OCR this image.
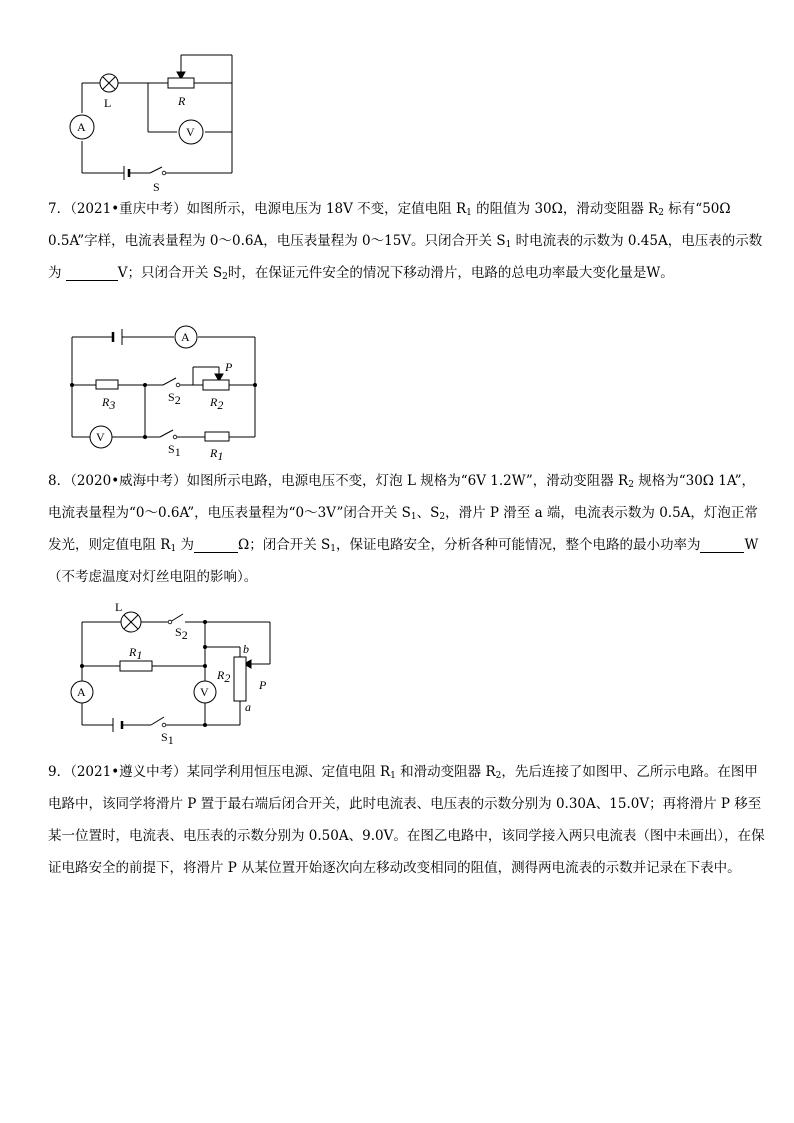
L	R
A	V
S

7．（2021•重庆中考）如图所示，电源电压为 18V 不变，定值电阻 $R_1$ 的阻值为 30Ω，滑动变阻器 $R_2$ 标有“50Ω 0.5A”字样，电流表量程为 0～0.6A，电压表量程为 0～15V。只闭合开关 $S_1$ 时电流表的示数为 0.45A，电压表的示数为	V；只闭合开关 $S_2$时，在保证元件安全的情况下移动滑片，电路的总电功率最大变化量是W。

A
V
P
R3
S2 R2
S1 R1

8．（2020•威海中考）如图所示电路，电源电压不变，灯泡 L 规格为“6V 1.2W”，滑动变阻器 $R_2$ 规格为“30Ω 1A”，电流表量程为“0～0.6A”，电压表量程为“0～3V”闭合开关 $S_1$、$S_2$，滑片 P 滑至 a 端，电流表示数为 0.5A，灯泡正常发光，则定值电阻 $R_1$ 为	Ω；闭合开关 $S_1$，保证电路安全，分析各种可能情况，整个电路的最小功率为	W（不考虑温度对灯丝电阻的影响）。

L
S2
R1
R2
A	V
S1
b
a
P

9．（2021•遵义中考）某同学利用恒压电源、定值电阻 $R_1$ 和滑动变阻器 $R_2$，先后连接了如图甲、乙所示电路。在图甲电路中，该同学将滑片 P 置于最右端后闭合开关，此时电流表、电压表的示数分别为 0.30A、15.0V；再将滑片 P 移至某一位置时，电流表、电压表的示数分别为 0.50A、9.0V。在图乙电路中，该同学接入两只电流表（图中未画出），在保证电路安全的前提下，将滑片 P 从某位置开始逐次向左移动改变相同的阻值，测得两电流表的示数并记录在下表中。
